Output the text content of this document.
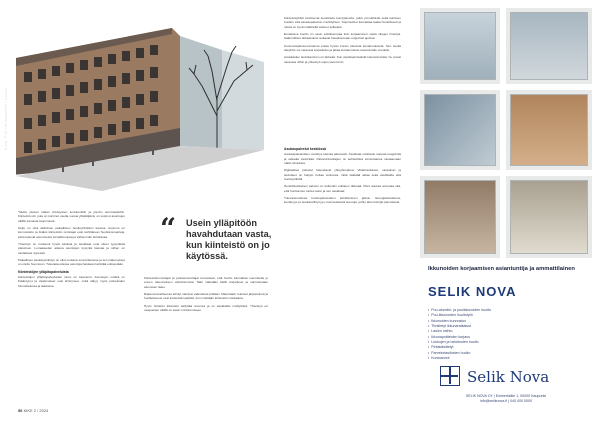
Kuva: Piet Jan Kastelein / Lumos

"Mutta yleisen ollaan virkistysten lentokenttiin ja pieniin terminaaleihin. Kiinteistö-Liit, joka on toiminut useita vuosia ylläpitäjänä, on sopinut asuntojen välillä samasta tarjonnasta.

Ketju on ollut aktiivinen paikallisten huoltoyhtiöiden kanssa. Asunnot on kunnostettu ja lisäksi kiinteistön omistajat ovat kehittäneet huoltokonsepteja, jotka tekevät asumisesta turvallisempaa ja vähemmän kuluttavaa.

Yhteistyö on tuottanut hyviä tuloksia ja asukkaat ovat olleet tyytyväisiä palveluun. Lomakauden aikana asuntojen kysyntä kasvaa ja siihen on vastattava nopeasti.

Paikallinen asukasyhdistys on ollut mukana suunnittelussa ja sen näkemykset on otettu huomioon. Tulevaisuudessa asuntoja halutaan kehittää entisestään.

Kiinteistöjen ylläpitopalveluista

Kiinteistöjen ylläpitopalveluiden tarve on kasvanut. Asuntojen määrä on lisääntynyt ja vaatimukset ovat kiristyneet, mikä näkyy myös palveluiden hinnoittelussa ja laadussa.

“ Usein ylläpitöön havahdutaan vasta, kun kiinteistö on jo käytössä.

Kiinteistönomistajat ja palveluntuottajat korostavat, että huolto kannattaa suunnitella jo ennen rakennuksen valmistumista. Näin vältetään kalliit korjaukset ja varmistetaan asumisen laatu.

Rakennusvaiheessa tehdyt valinnat vaikuttavat pitkään. Materiaalit, tekniset järjestelmät ja huollettavuus ovat keskeisiä tekijöitä, kun mietitään kiinteistön elinkaarta.

Hyvin hoidettu kiinteistö säilyttää arvonsa ja on asukkaille miellyttävä. Yhteistyö eri osapuolten välillä on avain onnistumiseen.

Kiinteistöyhtiöt tarvitsevat luotettavia kumppaneita, jotka ymmärtävät sekä teknisen huollon että asukaspalvelun merkityksen. Sopimukset kannattaa laatia huolellisesti ja niissä on hyvä määritellä vastuut selkeästi.

Ennakoiva huolto on usein edullisempaa kuin korjaaminen vasta vikojen ilmettyä. Säännölliset tarkastukset auttavat havaitsemaan ongelmat ajoissa.

Kunnossapitosuunnitelma antaa hyvän kuvan tulevista kustannuksista. Sen avulla taloyhtiö voi varautua korjauksiin ja jakaa kustannukset useammalle vuodelle.

Asukkaiden tiedottaminen on tärkeää. Kun asukkaat tietävät tulevista töistä, he voivat varautua niihin ja yhteistyö sujuu paremmin.

Asukaspalvelut keskiössä

Asukaspalveluiden merkitys kasvaa jatkuvasti. Asukkaat odottavat nopeaa reagointia ja selkeää viestintää. Palveluntuottajien on kehitettävä toimintaansa vastaamaan näitä odotuksia.

Digitaaliset palvelut helpottavat yhteydenpitoa. Vikailmoitukset, varaukset ja tiedotteet on helppo hoitaa verkossa, mikä säästää aikaa sekä asukkailta että huoltoyhtiöltä.

Henkilökohtainen palvelu on kuitenkin edelleen tärkeää. Moni asukas arvostaa sitä, että huoltomies tuntee talon ja sen asukkaat.

Tulevaisuudessa huoltopalveluiden kehittäminen jatkuu. Energiatehokkuus, kestävyys ja asukasviihtyvyys ovat keskeisiä teemoja, joihin alan toimijat panostavat.

56 KIKE 2 / 2024
Ikkunoiden korjaamisen asiantuntija ja ammattilainen
SELIK NOVA
• Puu-alumiini- ja puuikkunoiden huolto
• Puu-ikkunoiden huoltotyöt
• Ikkunoiden kunnostus
• Tiivistetyt ikkunaratkaisut
• Lasien vaihto
• Ikkunapuitteiden korjaus
• Lukkojen ja heloitusten huolto
• Pintakäsittelyt
• Parvekelasitusten huolto
• Kuntoarviot
Selik Nova
SELIK NOVA OY | Esimerkkitie 1, 00000 Kaupunki
info@seliknova.fi | 040 000 0000
